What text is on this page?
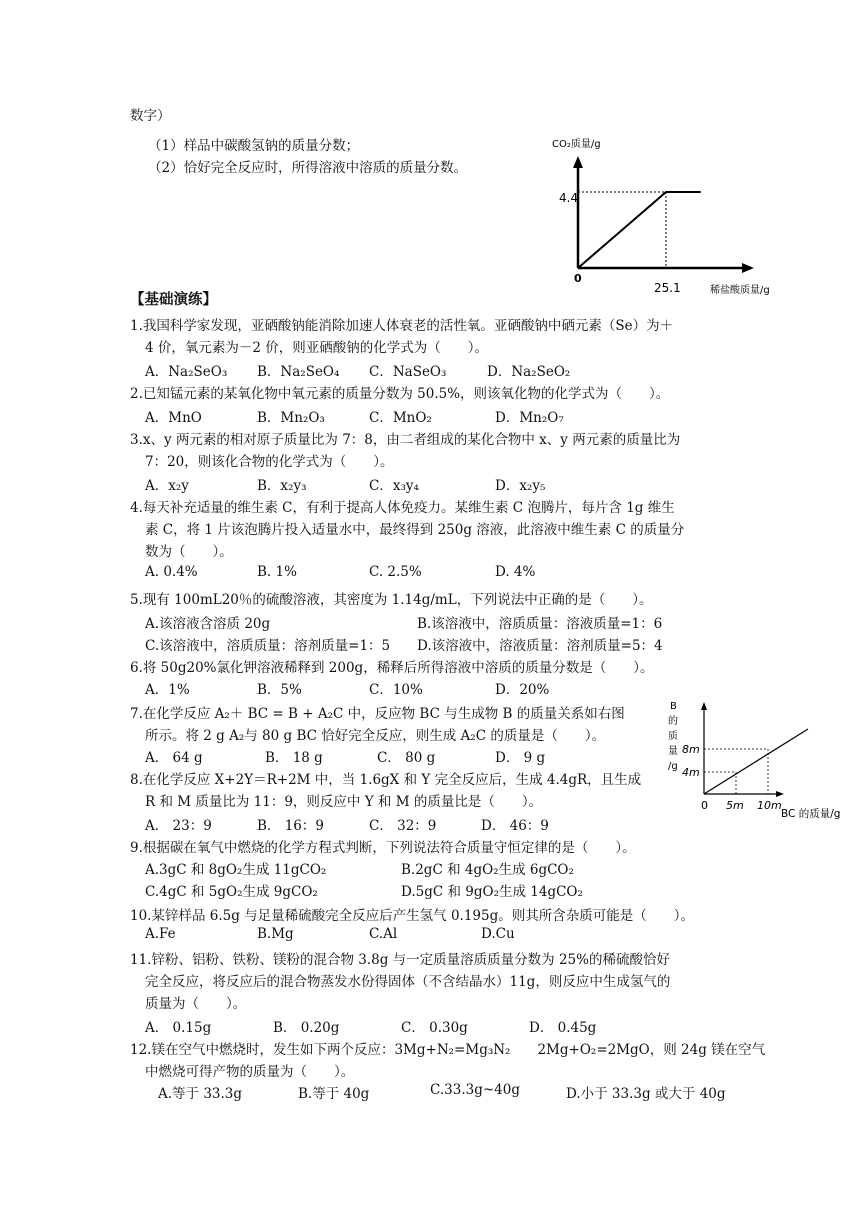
数字）
（1）样品中碳酸氢钠的质量分数；
（2）恰好完全反应时，所得溶液中溶质的质量分数。
CO₂质量/g
4.4
0
25.1	稀盐酸质量/g
【基础演练】
1.我国科学家发现，亚硒酸钠能消除加速人体衰老的活性氧。亚硒酸钠中硒元素（Se）为＋
4 价，氧元素为－2 价，则亚硒酸钠的化学式为（　　）。
A．Na₂SeO₃ B．Na₂SeO₄ C．NaSeO₃	D．Na₂SeO₂
2.已知锰元素的某氧化物中氧元素的质量分数为 50.5%，则该氧化物的化学式为（　　）。
A．MnO	B．Mn₂O₃	C．MnO₂	D．Mn₂O₇
3.x、y 两元素的相对原子质量比为 7：8，由二者组成的某化合物中 x、y 两元素的质量比为
7：20，则该化合物的化学式为（　　）。
A．x₂y	B．x₂y₃	C．x₃y₄	D．x₂y₅
4.每天补充适量的维生素 C，有利于提高人体免疫力。某维生素 C 泡腾片，每片含 1g 维生
素 C，将 1 片该泡腾片投入适量水中，最终得到 250g 溶液，此溶液中维生素 C 的质量分
数为（　　）。
A. 0.4%	B. 1%	C. 2.5%	D. 4%
5.现有 100mL20％的硫酸溶液，其密度为 1.14g/mL，下列说法中正确的是（　　）。
A.该溶液含溶质 20g	B.该溶液中，溶质质量：溶液质量=1：6
C.该溶液中，溶质质量：溶剂质量=1：5 D.该溶液中，溶液质量：溶剂质量=5：4
6.将 50g20%氯化钾溶液稀释到 200g，稀释后所得溶液中溶质的质量分数是（　　）。
A．1%	B．5%	C．10%	D．20%
7.在化学反应 A₂＋ BC = B + A₂C 中，反应物 BC 与生成物 B 的质量关系如右图
所示。将 2 g A₂与 80 g BC 恰好完全反应，则生成 A₂C 的质量是（　　）。
A． 64 g	B． 18 g	C． 80 g	D． 9 g
B
的
质
量
/g
8m
4m
0 5m 10m
BC 的质量/g
8.在化学反应 X+2Y＝R+2M 中，当 1.6gX 和 Y 完全反应后，生成 4.4gR，且生成
R 和 M 质量比为 11：9，则反应中 Y 和 M 的质量比是（　　）。
A． 23：9	B． 16：9	C． 32：9	D． 46：9
9.根据碳在氧气中燃烧的化学方程式判断，下列说法符合质量守恒定律的是（　　）。
A.3gC 和 8gO₂生成 11gCO₂	B.2gC 和 4gO₂生成 6gCO₂
C.4gC 和 5gO₂生成 9gCO₂	D.5gC 和 9gO₂生成 14gCO₂
10.某锌样品 6.5g 与足量稀硫酸完全反应后产生氢气 0.195g。则其所含杂质可能是（　　）。
A.Fe	B.Mg	C.Al	D.Cu
11.锌粉、铝粉、铁粉、镁粉的混合物 3.8g 与一定质量溶质质量分数为 25%的稀硫酸恰好
完全反应，将反应后的混合物蒸发水份得固体（不含结晶水）11g，则反应中生成氢气的
质量为（　　）。
A． 0.15g	B． 0.20g	C． 0.30g	D． 0.45g
12.镁在空气中燃烧时，发生如下两个反应：3Mg+N₂=Mg₃N₂　　2Mg+O₂=2MgO，则 24g 镁在空气
中燃烧可得产物的质量为（　　）。
A.等于 33.3g	B.等于 40g	C.33.3g~40g	D.小于 33.3g 或大于 40g
